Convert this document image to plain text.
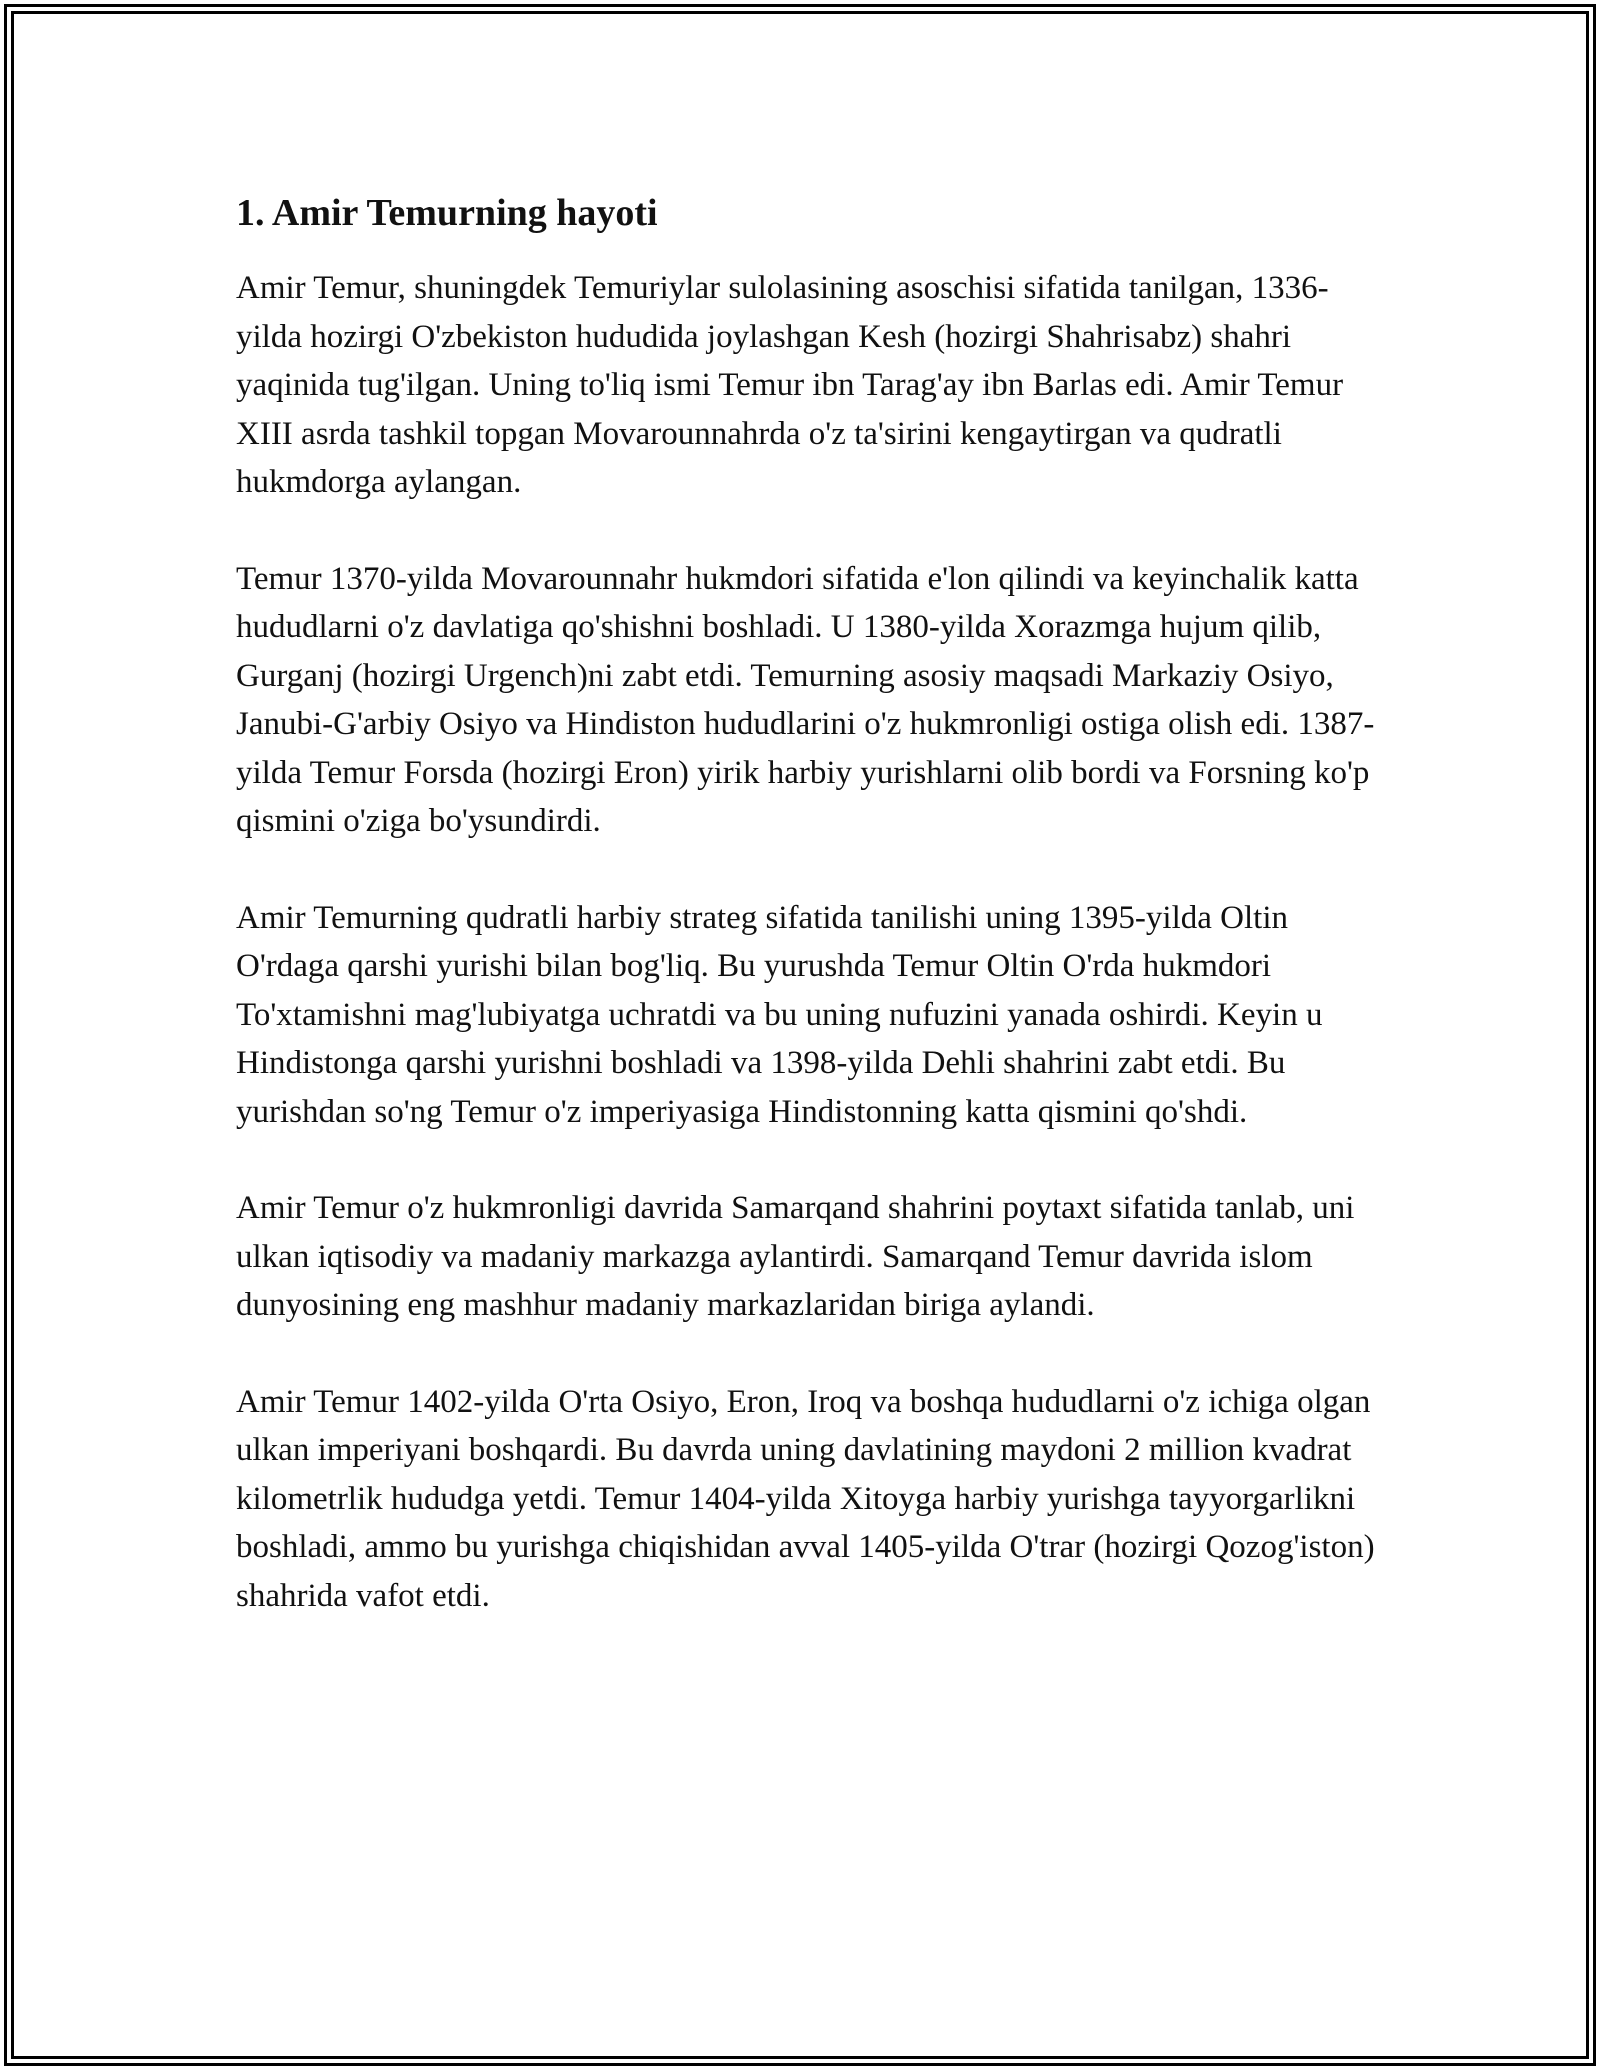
1. Amir Temurning hayoti

Amir Temur, shuningdek Temuriylar sulolasining asoschisi sifatida tanilgan, 1336-yilda hozirgi O'zbekiston hududida joylashgan Kesh (hozirgi Shahrisabz) shahri yaqinida tug'ilgan. Uning to'liq ismi Temur ibn Tarag'ay ibn Barlas edi. Amir Temur XIII asrda tashkil topgan Movarounnahrda o'z ta'sirini kengaytirgan va qudratli hukmdorga aylangan.

Temur 1370-yilda Movarounnahr hukmdori sifatida e'lon qilindi va keyinchalik katta hududlarni o'z davlatiga qo'shishni boshladi. U 1380-yilda Xorazmga hujum qilib, Gurganj (hozirgi Urgench)ni zabt etdi. Temurning asosiy maqsadi Markaziy Osiyo, Janubi-G'arbiy Osiyo va Hindiston hududlarini o'z hukmronligi ostiga olish edi. 1387-yilda Temur Forsda (hozirgi Eron) yirik harbiy yurishlarni olib bordi va Forsning ko'p qismini o'ziga bo'ysundirdi.

Amir Temurning qudratli harbiy strateg sifatida tanilishi uning 1395-yilda Oltin O'rdaga qarshi yurishi bilan bog'liq. Bu yurushda Temur Oltin O'rda hukmdori To'xtamishni mag'lubiyatga uchratdi va bu uning nufuzini yanada oshirdi. Keyin u Hindistonga qarshi yurishni boshladi va 1398-yilda Dehli shahrini zabt etdi. Bu yurishdan so'ng Temur o'z imperiyasiga Hindistonning katta qismini qo'shdi.

Amir Temur o'z hukmronligi davrida Samarqand shahrini poytaxt sifatida tanlab, uni ulkan iqtisodiy va madaniy markazga aylantirdi. Samarqand Temur davrida islom dunyosining eng mashhur madaniy markazlaridan biriga aylandi.

Amir Temur 1402-yilda O'rta Osiyo, Eron, Iroq va boshqa hududlarni o'z ichiga olgan ulkan imperiyani boshqardi. Bu davrda uning davlatining maydoni 2 million kvadrat kilometrlik hududga yetdi. Temur 1404-yilda Xitoyga harbiy yurishga tayyorgarlikni boshladi, ammo bu yurishga chiqishidan avval 1405-yilda O'trar (hozirgi Qozog'iston) shahrida vafot etdi.
